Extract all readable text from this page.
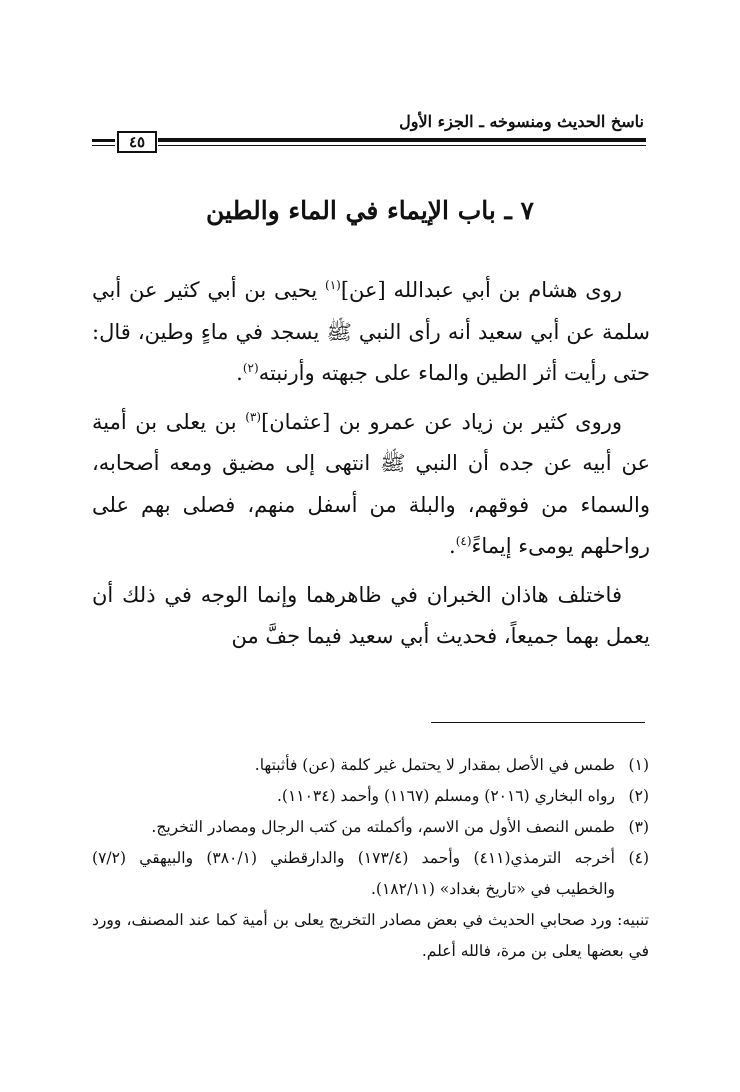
ناسخ الحديث ومنسوخه ـ الجزء الأول
٤٥
٧ ـ باب الإيماء في الماء والطين

روى هشام بن أبي عبدالله [عن]$^{(١)}$ يحيى بن أبي كثير عن أبي سلمة عن أبي سعيد أنه رأى النبي ﷺ يسجد في ماءٍ وطين، قال: حتى رأيت أثر الطين والماء على جبهته وأرنبته$^{(٢)}$.

وروى كثير بن زياد عن عمرو بن [عثمان]$^{(٣)}$ بن يعلى بن أمية عن أبيه عن جده أن النبي ﷺ انتهى إلى مضيق ومعه أصحابه، والسماء من فوقهم، والبلة من أسفل منهم، فصلى بهم على رواحلهم يومىء إيماءً$^{(٤)}$.

فاختلف هاذان الخبران في ظاهرهما وإنما الوجه في ذلك أن يعمل بهما جميعاً، فحديث أبي سعيد فيما جفَّ من

(١)
طمس في الأصل بمقدار لا يحتمل غير كلمة (عن) فأثبتها.
(٢)
رواه البخاري (٢٠١٦) ومسلم (١١٦٧) وأحمد (١١٠٣٤).
(٣)
طمس النصف الأول من الاسم، وأكملته من كتب الرجال ومصادر التخريج.
(٤)
أخرجه الترمذي(٤١١) وأحمد (١٧٣/٤) والدارقطني (٣٨٠/١) والبيهقي (٧/٢) والخطيب في «تاريخ بغداد» (١٨٢/١١).
تنبيه: ورد صحابي الحديث في بعض مصادر التخريج يعلى بن أمية كما عند المصنف، وورد في بعضها يعلى بن مرة، فالله أعلم.
